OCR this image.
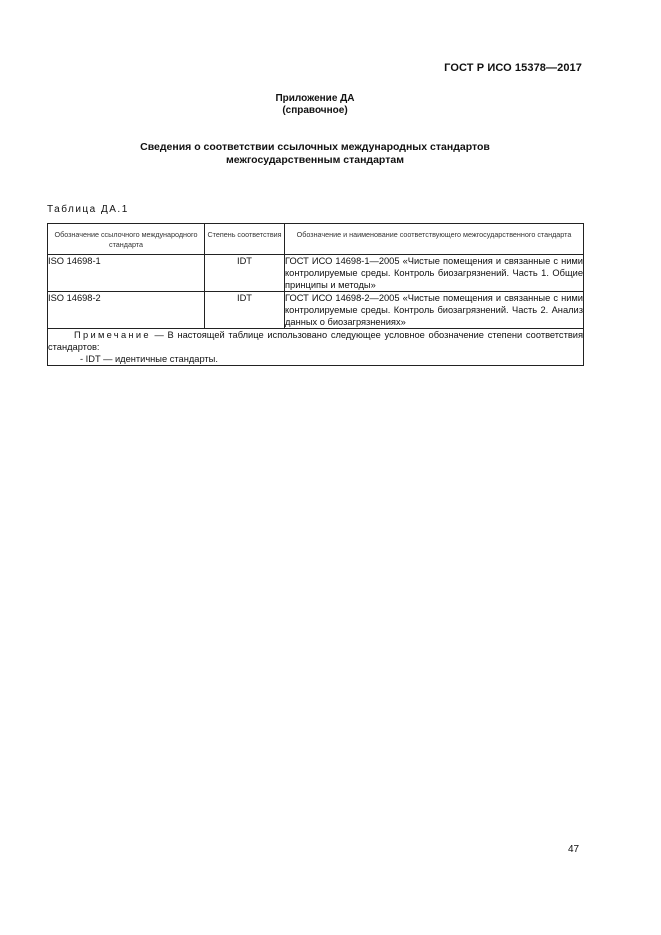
ГОСТ Р ИСО 15378—2017
Приложение ДА
(справочное)
Сведения о соответствии ссылочных международных стандартов
межгосударственным стандартам
Таблица ДА.1
Обозначение ссылочного международного стандарта	Степень соответствия	Обозначение и наименование соответствующего межгосударственного стандарта
ISO 14698-1	IDT	ГОСТ ИСО 14698-1—2005 «Чистые помещения и связанные с ними контролируемые среды. Контроль биозагрязнений. Часть 1. Общие принципы и методы»
ISO 14698-2	IDT	ГОСТ ИСО 14698-2—2005 «Чистые помещения и связанные с ними контролируемые среды. Контроль биозагрязнений. Часть 2. Анализ данных о биозагрязнениях»
Примечание — В настоящей таблице использовано следующее условное обозначение степени соответствия стандартов:
- IDT — идентичные стандарты.		
47
